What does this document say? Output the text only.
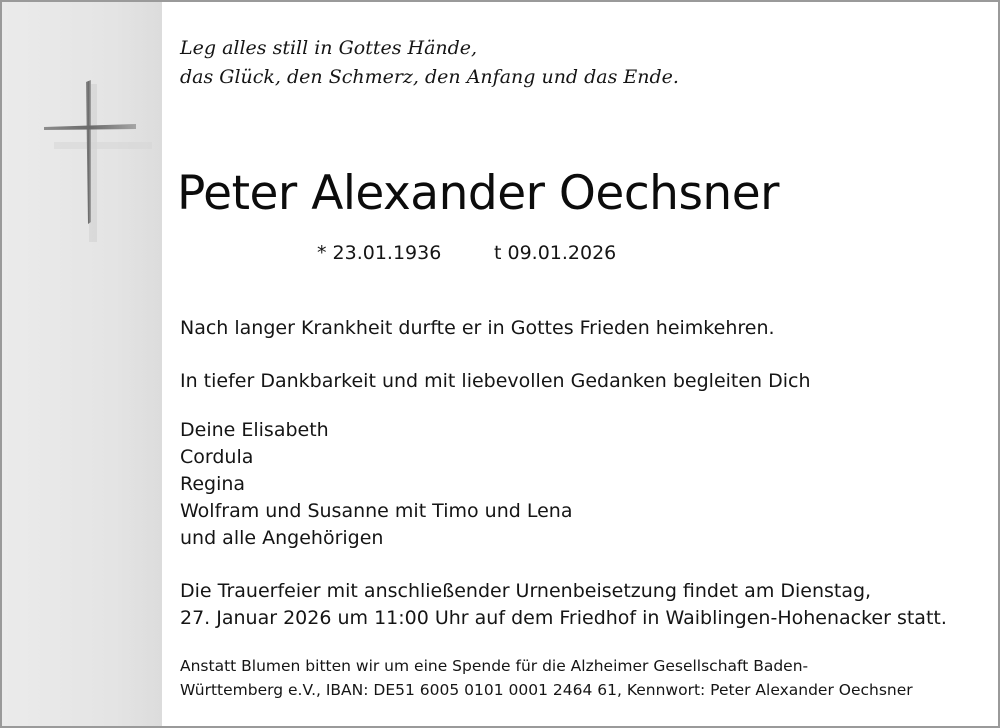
Leg alles still in Gottes Hände,
das Glück, den Schmerz, den Anfang und das Ende.
Peter Alexander Oechsner
* 23.01.1936	t 09.01.2026
Nach langer Krankheit durfte er in Gottes Frieden heimkehren.
In tiefer Dankbarkeit und mit liebevollen Gedanken begleiten Dich

Deine Elisabeth

Cordula

Regina

Wolfram und Susanne mit Timo und Lena

und alle Angehörigen

Die Trauerfeier mit anschließender Urnenbeisetzung findet am Dienstag,

27. Januar 2026 um 11:00 Uhr auf dem Friedhof in Waiblingen-Hohenacker statt.

Anstatt Blumen bitten wir um eine Spende für die Alzheimer Gesellschaft Baden-

Württemberg e.V., IBAN: DE51 6005 0101 0001 2464 61, Kennwort: Peter Alexander Oechsner
